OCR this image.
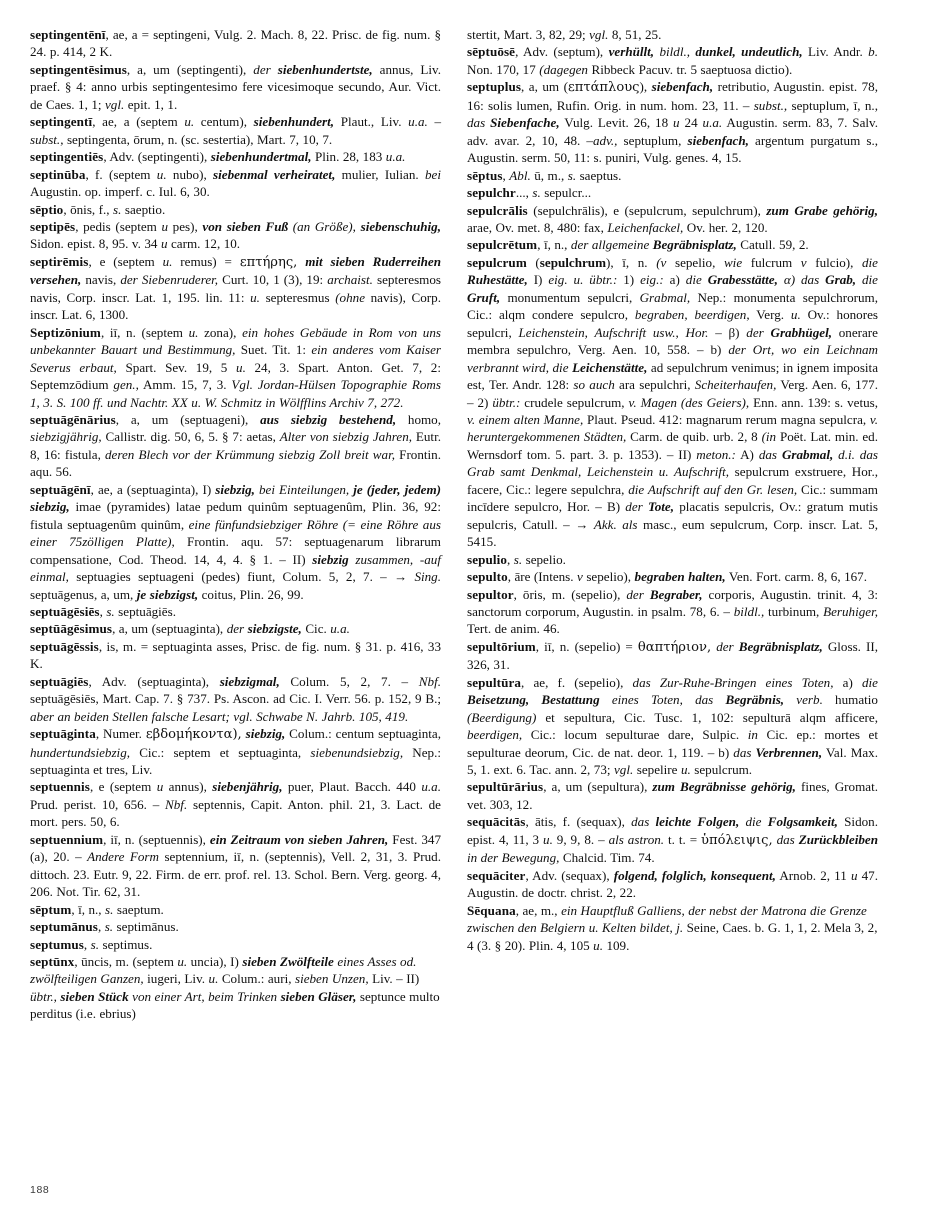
septingentēnī, ae, a = septingeni, Vulg. 2. Mach. 8, 22. Prisc. de fig. num. § 24. p. 414, 2 K.

septingentēsimus, a, um (septingenti), der siebenhundertste, annus, Liv. praef. § 4: anno urbis septingentesimo fere vicesimoque secundo, Aur. Vict. de Caes. 1, 1; vgl. epit. 1, 1.

septingentī, ae, a (septem u. centum), siebenhundert, Plaut., Liv. u.a. – subst., septingenta, ōrum, n. (sc. sestertia), Mart. 7, 10, 7.

septingentiēs, Adv. (septingenti), siebenhundertmal, Plin. 28, 183 u.a.

septinūba, f. (septem u. nubo), siebenmal verheiratet, mulier, Iulian. bei Augustin. op. imperf. c. Iul. 6, 30.

sēptio, ōnis, f., s. saeptio.

septipēs, pedis (septem u pes), von sieben Fuß (an Größe), siebenschuhig, Sidon. epist. 8, 95. v. 34 u carm. 12, 10.

septirēmis, e (septem u. remus) = επτήρης, mit sieben Ruderreihen versehen, navis, der Siebenruderer, Curt. 10, 1 (3), 19: archaist. septeresmos navis, Corp. inscr. Lat. 1, 195. lin. 11: u. septeresmus (ohne navis), Corp. inscr. Lat. 6, 1300.

Septizōnium, iī, n. (septem u. zona), ein hohes Gebäude in Rom von uns unbekannter Bauart und Bestimmung, Suet. Tit. 1: ein anderes vom Kaiser Severus erbaut, Spart. Sev. 19, 5 u. 24, 3. Spart. Anton. Get. 7, 2: Septemzōdium gen., Amm. 15, 7, 3. Vgl. Jordan-Hülsen Topographie Roms 1, 3. S. 100 ff. und Nachtr. XX u. W. Schmitz in Wölfflins Archiv 7, 272.

septuāgēnārius, a, um (septuageni), aus siebzig bestehend, homo, siebzigjährig, Callistr. dig. 50, 6, 5. § 7: aetas, Alter von siebzig Jahren, Eutr. 8, 16: fistula, deren Blech vor der Krümmung siebzig Zoll breit war, Frontin. aqu. 56.

septuāgēnī, ae, a (septuaginta), I) siebzig, bei Einteilungen, je (jeder, jedem) siebzig, imae (pyramides) latae pedum quinûm septuagenûm, Plin. 36, 92: fistula septuagenûm quinûm, eine fünfundsiebziger Röhre (= eine Röhre aus einer 75zölligen Platte), Frontin. aqu. 57: septuagenarum librarum compensatione, Cod. Theod. 14, 4, 4. § 1. – II) siebzig zusammen, -auf einmal, septuagies septuageni (pedes) fiunt, Colum. 5, 2, 7. – → Sing. septuāgenus, a, um, je siebzigst, coitus, Plin. 26, 99.

septuāgēsiēs, s. septuāgiēs.

septūāgēsimus, a, um (septuaginta), der siebzigste, Cic. u.a.

septuāgēssis, is, m. = septuaginta asses, Prisc. de fig. num. § 31. p. 416, 33 K.

septuāgiēs, Adv. (septuaginta), siebzigmal, Colum. 5, 2, 7. – Nbf. septuāgēsiēs, Mart. Cap. 7. § 737. Ps. Ascon. ad Cic. I. Verr. 56. p. 152, 9 B.; aber an beiden Stellen falsche Lesart; vgl. Schwabe N. Jahrb. 105, 419.

septuāginta, Numer. εβδομήκοντα), siebzig, Colum.: centum septuaginta, hundertundsiebzig, Cic.: septem et septuaginta, siebenundsiebzig, Nep.: septuaginta et tres, Liv.

septuennis, e (septem u annus), siebenjährig, puer, Plaut. Bacch. 440 u.a. Prud. perist. 10, 656. – Nbf. septennis, Capit. Anton. phil. 21, 3. Lact. de mort. pers. 50, 6.

septuennium, iī, n. (septuennis), ein Zeitraum von sieben Jahren, Fest. 347 (a), 20. – Andere Form septennium, iī, n. (septennis), Vell. 2, 31, 3. Prud. dittoch. 23. Eutr. 9, 22. Firm. de err. prof. rel. 13. Schol. Bern. Verg. georg. 4, 206. Not. Tir. 62, 31.

sēptum, ī, n., s. saeptum.

septumānus, s. septimānus.

septumus, s. septimus.

septūnx, ūncis, m. (septem u. uncia), I) sieben Zwölfteile eines Asses od. zwölfteiligen Ganzen, iugeri, Liv. u. Colum.: auri, sieben Unzen, Liv. – II) übtr., sieben Stück von einer Art, beim Trinken sieben Gläser, septunce multo perditus (i.e. ebrius)

stertit, Mart. 3, 82, 29; vgl. 8, 51, 25.

sēptuōsē, Adv. (septum), verhüllt, bildl., dunkel, undeutlich, Liv. Andr. b. Non. 170, 17 (dagegen Ribbeck Pacuv. tr. 5 saeptuosa dictio).

septuplus, a, um (επτάπλους), siebenfach, retributio, Augustin. epist. 78, 16: solis lumen, Rufin. Orig. in num. hom. 23, 11. – subst., septuplum, ī, n., das Siebenfache, Vulg. Levit. 26, 18 u 24 u.a. Augustin. serm. 83, 7. Salv. adv. avar. 2, 10, 48. –adv., septuplum, siebenfach, argentum purgatum s., Augustin. serm. 50, 11: s. puniri, Vulg. genes. 4, 15.

sēptus, Abl. ū, m., s. saeptus.

sepulchr..., s. sepulcr...

sepulcrālis (sepulchrālis), e (sepulcrum, sepulchrum), zum Grabe gehörig, arae, Ov. met. 8, 480: fax, Leichenfackel, Ov. her. 2, 120.

sepulcrētum, ī, n., der allgemeine Begräbnisplatz, Catull. 59, 2.

sepulcrum (sepulchrum), ī, n. (v sepelio, wie fulcrum v fulcio), die Ruhestätte, I) eig. u. übtr.: 1) eig.: a) die Grabesstätte, α) das Grab, die Gruft, monumentum sepulcri, Grabmal, Nep.: monumenta sepulchrorum, Cic.: alqm condere sepulcro, begraben, beerdigen, Verg. u. Ov.: honores sepulcri, Leichenstein, Aufschrift usw., Hor. – β) der Grabhügel, onerare membra sepulchro, Verg. Aen. 10, 558. – b) der Ort, wo ein Leichnam verbrannt wird, die Leichenstätte, ad sepulchrum venimus; in ignem imposita est, Ter. Andr. 128: so auch ara sepulchri, Scheiterhaufen, Verg. Aen. 6, 177. – 2) übtr.: crudele sepulcrum, v. Magen (des Geiers), Enn. ann. 139: s. vetus, v. einem alten Manne, Plaut. Pseud. 412: magnarum rerum magna sepulcra, v. heruntergekommenen Städten, Carm. de quib. urb. 2, 8 (in Poët. Lat. min. ed. Wernsdorf tom. 5. part. 3. p. 1353). – II) meton.: A) das Grabmal, d.i. das Grab samt Denkmal, Leichenstein u. Aufschrift, sepulcrum exstruere, Hor., facere, Cic.: legere sepulchra, die Aufschrift auf den Gr. lesen, Cic.: summam incīdere sepulcro, Hor. – B) der Tote, placatis sepulcris, Ov.: gratum mutis sepulcris, Catull. – → Akk. als masc., eum sepulcrum, Corp. inscr. Lat. 5, 5415.

sepulio, s. sepelio.

sepulto, āre (Intens. v sepelio), begraben halten, Ven. Fort. carm. 8, 6, 167.

sepultor, ōris, m. (sepelio), der Begraber, corporis, Augustin. trinit. 4, 3: sanctorum corporum, Augustin. in psalm. 78, 6. – bildl., turbinum, Beruhiger, Tert. de anim. 46.

sepultōrium, iī, n. (sepelio) = θαπτήριον, der Begräbnisplatz, Gloss. II, 326, 31.

sepultūra, ae, f. (sepelio), das Zur-Ruhe-Bringen eines Toten, a) die Beisetzung, Bestattung eines Toten, das Begräbnis, verb. humatio (Beerdigung) et sepultura, Cic. Tusc. 1, 102: sepulturā alqm afficere, beerdigen, Cic.: locum sepulturae dare, Sulpic. in Cic. ep.: mortes et sepulturae deorum, Cic. de nat. deor. 1, 119. – b) das Verbrennen, Val. Max. 5, 1. ext. 6. Tac. ann. 2, 73; vgl. sepelire u. sepulcrum.

sepultūrārius, a, um (sepultura), zum Begräbnisse gehörig, fines, Gromat. vet. 303, 12.

sequācitās, ātis, f. (sequax), das leichte Folgen, die Folgsamkeit, Sidon. epist. 4, 11, 3 u. 9, 9, 8. – als astron. t. t. = ὑπόλειψις, das Zurückbleiben in der Bewegung, Chalcid. Tim. 74.

sequāciter, Adv. (sequax), folgend, folglich, konsequent, Arnob. 2, 11 u 47. Augustin. de doctr. christ. 2, 22.

Sēquana, ae, m., ein Hauptfluß Galliens, der nebst der Matrona die Grenze zwischen den Belgiern u. Kelten bildet, j. Seine, Caes. b. G. 1, 1, 2. Mela 3, 2, 4 (3. § 20). Plin. 4, 105 u. 109.

188
